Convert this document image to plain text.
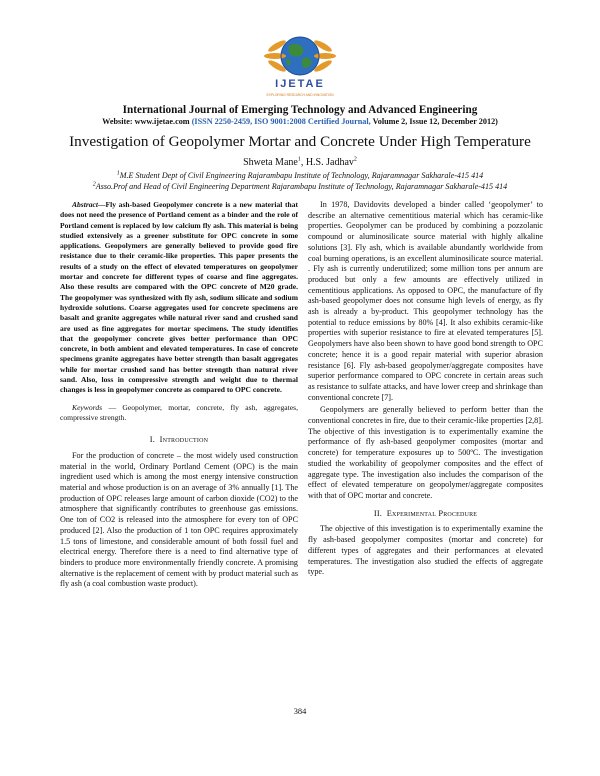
IJETAE
EXPLORING RESEARCH AND INNOVATION
International Journal of Emerging Technology and Advanced Engineering
Website: www.ijetae.com (ISSN 2250-2459, ISO 9001:2008 Certified Journal, Volume 2, Issue 12, December 2012)
Investigation of Geopolymer Mortar and Concrete Under High Temperature
Shweta Mane$^1$, H.S. Jadhav$^2$
$^1$M.E Student Dept of Civil Engineering Rajarambapu Institute of Technology, Rajaramnagar Sakharale-415 414
$^2$Asso.Prof and Head of Civil Engineering Department Rajarambapu Institute of Technology, Rajaramnagar Sakharale-415 414

Abstract—Fly ash-based Geopolymer concrete is a new material that does not need the presence of Portland cement as a binder and the role of Portland cement is replaced by low calcium fly ash. This material is being studied extensively as a greener substitute for OPC concrete in some applications. Geopolymers are generally believed to provide good fire resistance due to their ceramic-like properties. This paper presents the results of a study on the effect of elevated temperatures on geopolymer mortar and concrete for different types of coarse and fine aggregates. Also these results are compared with the OPC concrete of M20 grade. The geopolymer was synthesized with fly ash, sodium silicate and sodium hydroxide solutions. Coarse aggregates used for concrete specimens are basalt and granite aggregates while natural river sand and crushed sand are used as fine aggregates for mortar specimens. The study identifies that the geopolymer concrete gives better performance than OPC concrete, in both ambient and elevated temperatures. In case of concrete specimens granite aggregates have better strength than basalt aggregates while for mortar crushed sand has better strength than natural river sand. Also, loss in compressive strength and weight due to thermal changes is less in geopolymer concrete as compared to OPC concrete.

Keywords — Geopolymer, mortar, concrete, fly ash, aggregates, compressive strength.

I. Introduction

For the production of concrete – the most widely used construction material in the world, Ordinary Portland Cement (OPC) is the main ingredient used which is among the most energy intensive construction material and whose production is on an average of 3% annually [1]. The production of OPC releases large amount of carbon dioxide (CO2) to the atmosphere that significantly contributes to greenhouse gas emissions. One ton of CO2 is released into the atmosphere for every ton of OPC produced [2]. Also the production of 1 ton OPC requires approximately 1.5 tons of limestone, and considerable amount of both fossil fuel and electrical energy. Therefore there is a need to find alternative type of binders to produce more environmentally friendly concrete. A promising alternative is the replacement of cement with by product material such as fly ash (a coal combustion waste product).

In 1978, Davidovits developed a binder called ‘geopolymer’ to describe an alternative cementitious material which has ceramic-like properties. Geopolymer can be produced by combining a pozzolanic compound or aluminosilicate source material with highly alkaline solutions [3]. Fly ash, which is available abundantly worldwide from coal burning operations, is an excellent aluminosilicate source material. . Fly ash is currently underutilized; some million tons per annum are produced but only a few amounts are effectively utilized in cementitious applications. As opposed to OPC, the manufacture of fly ash-based geopolymer does not consume high levels of energy, as fly ash is already a by-product. This geopolymer technology has the potential to reduce emissions by 80% [4]. It also exhibits ceramic-like properties with superior resistance to fire at elevated temperatures [5]. Geopolymers have also been shown to have good bond strength to OPC concrete; hence it is a good repair material with superior abrasion resistance [6]. Fly ash-based geopolymer/aggregate composites have superior performance compared to OPC concrete in certain areas such as resistance to sulfate attacks, and have lower creep and shrinkage than conventional concrete [7].

Geopolymers are generally believed to perform better than the conventional concretes in fire, due to their ceramic-like properties [2,8]. The objective of this investigation is to experimentally examine the performance of fly ash-based geopolymer composites (mortar and concrete) for temperature exposures up to 500ºC. The investigation studied the workability of geopolymer composites and the effect of aggregate type. The investigation also includes the comparison of the effect of elevated temperature on geopolymer/aggregate composites with that of OPC mortar and concrete.

II. Experimental Procedure

The objective of this investigation is to experimentally examine the fly ash-based geopolymer composites (mortar and concrete) for different types of aggregates and their performances at elevated temperatures. The investigation also studied the effects of aggregate type.

384
